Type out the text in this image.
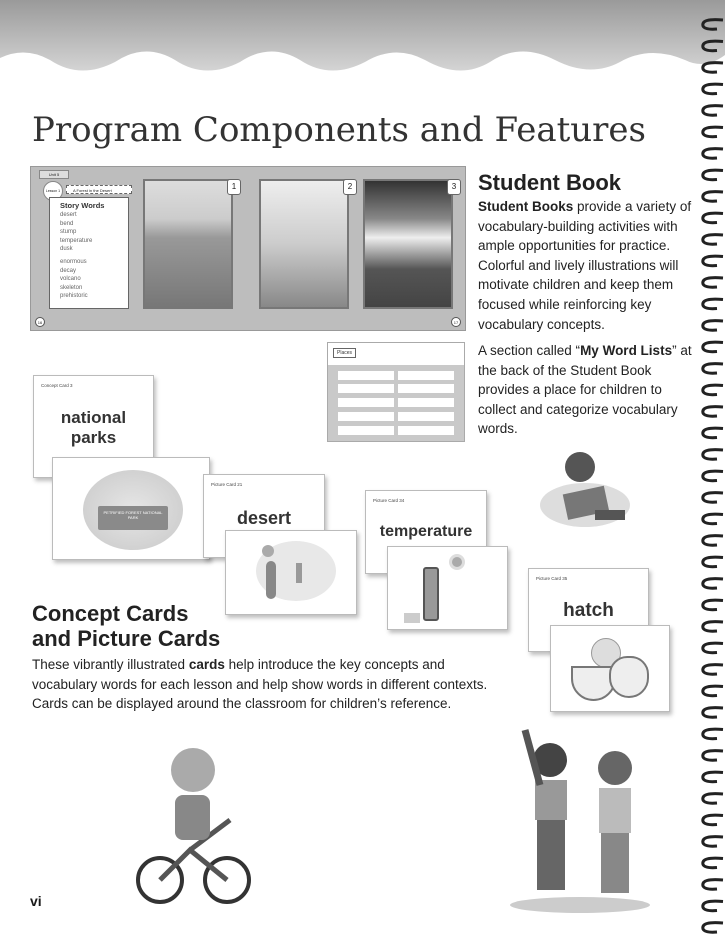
Program Components and Features
Unit 5
Lesson 1	A Forest in the Desert
Story Words
desert
bend
stump
temperature
dusk
enormous
decay
volcano
skeleton
prehistoric
1	2	3
16	17
Places
Student Book

Student Books provide a variety of vocabulary-building activities with ample opportunities for practice. Colorful and lively illustrations will motivate children and keep them focused while reinforcing key vocabulary concepts.

A section called “My Word Lists” at the back of the Student Book provides a place for children to collect and categorize vocabulary words.

Concept Card 3
national parks
PETRIFIED FOREST NATIONAL PARK
Picture Card 21
desert
Picture Card 34
temperature
Picture Card 35
hatch
Concept Cards
and Picture Cards

These vibrantly illustrated cards help introduce the key concepts and vocabulary words for each lesson and help show words in different contexts. Cards can be displayed around the classroom for children’s reference.

vi
